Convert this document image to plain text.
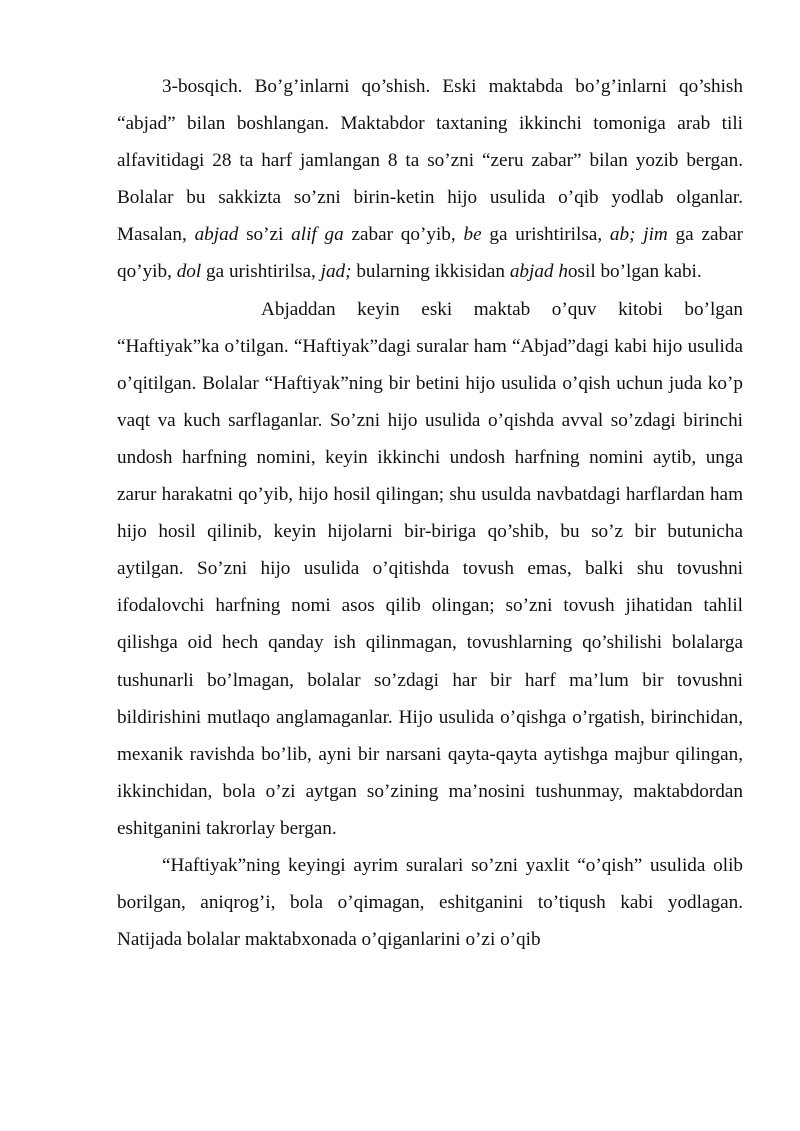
3-bosqich. Bo’g’inlarni qo’shish. Eski maktabda bo’g’inlarni qo’shish “abjad” bilan boshlangan. Maktabdor taxtaning ikkinchi tomoniga arab tili alfavitidagi 28 ta harf jamlangan 8 ta so’zni “zeru zabar” bilan yozib bergan. Bolalar bu sakkizta so’zni birin-ketin hijo usulida o’qib yodlab olganlar. Masalan, abjad so’zi alif ga zabar qo’yib, be ga urishtirilsa, ab; jim ga zabar qo’yib, dol ga urishtirilsa, jad; bularning ikkisidan abjad hosil bo’lgan kabi.

Abjaddan keyin eski maktab o’quv kitobi bo’lgan “Haftiyak”ka o’tilgan. “Haftiyak”dagi suralar ham “Abjad”dagi kabi hijo usulida o’qitilgan. Bolalar “Haftiyak”ning bir betini hijo usulida o’qish uchun juda ko’p vaqt va kuch sarflaganlar. So’zni hijo usulida o’qishda avval so’zdagi birinchi undosh harfning nomini, keyin ikkinchi undosh harfning nomini aytib, unga zarur harakatni qo’yib, hijo hosil qilingan; shu usulda navbatdagi harflardan ham hijo hosil qilinib, keyin hijolarni bir-biriga qo’shib, bu so’z bir butunicha aytilgan. So’zni hijo usulida o’qitishda tovush emas, balki shu tovushni ifodalovchi harfning nomi asos qilib olingan; so’zni tovush jihatidan tahlil qilishga oid hech qanday ish qilinmagan, tovushlarning qo’shilishi bolalarga tushunarli bo’lmagan, bolalar so’zdagi har bir harf ma’lum bir tovushni bildirishini mutlaqo anglamaganlar. Hijo usulida o’qishga o’rgatish, birinchidan, mexanik ravishda bo’lib, ayni bir narsani qayta-qayta aytishga majbur qilingan, ikkinchidan, bola o’zi aytgan so’zining ma’nosini tushunmay, maktabdordan eshitganini takrorlay bergan.

“Haftiyak”ning keyingi ayrim suralari so’zni yaxlit “o’qish” usulida olib borilgan, aniqrog’i, bola o’qimagan, eshitganini to’tiqush kabi yodlagan. Natijada bolalar maktabxonada o’qiganlarini o’zi o’qib
